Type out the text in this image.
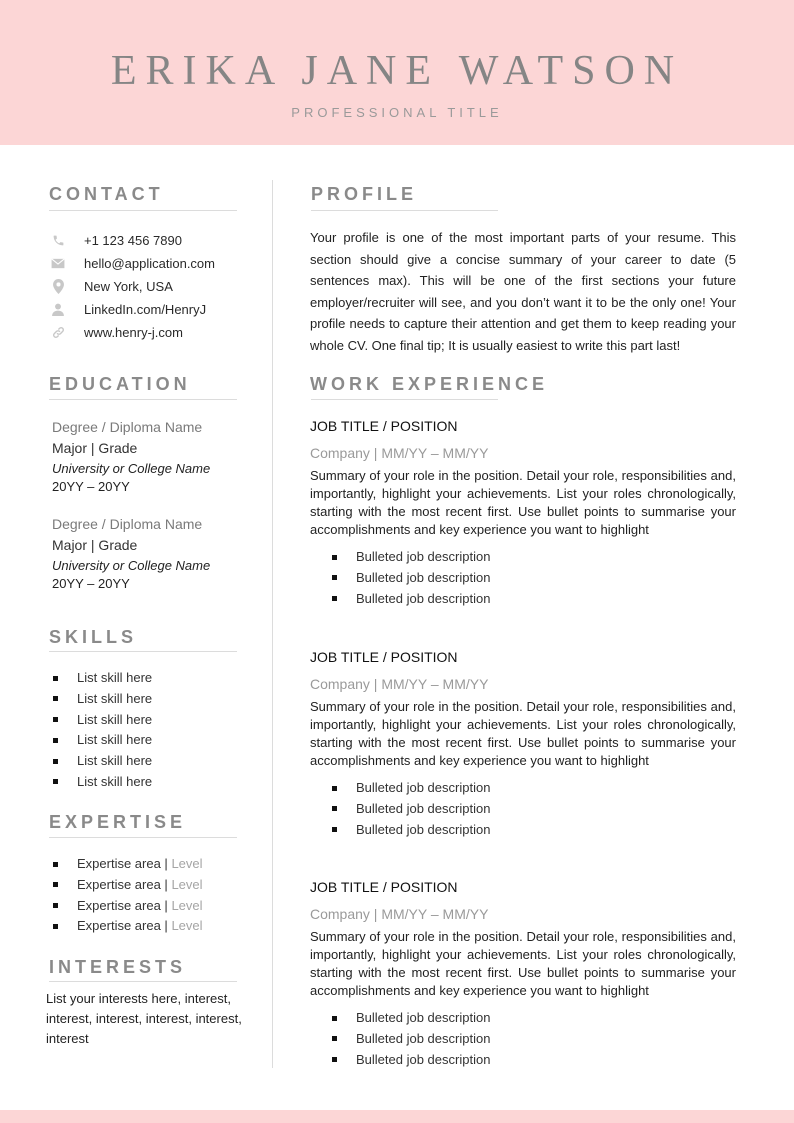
ERIKA JANE WATSON
PROFESSIONAL TITLE
CONTACT
+1 123 456 7890
hello@application.com
New York, USA
LinkedIn.com/HenryJ
www.henry-j.com
EDUCATION
Degree / Diploma Name
Major | Grade
University or College Name
20YY – 20YY
Degree / Diploma Name
Major | Grade
University or College Name
20YY – 20YY
SKILLS
List skill here
List skill here
List skill here
List skill here
List skill here
List skill here
EXPERTISE
Expertise area | Level
Expertise area | Level
Expertise area | Level
Expertise area | Level
INTERESTS
List your interests here, interest, interest, interest, interest, interest, interest
PROFILE

Your profile is one of the most important parts of your resume. This section should give a concise summary of your career to date (5 sentences max). This will be one of the first sections your future employer/recruiter will see, and you don’t want it to be the only one! Your profile needs to capture their attention and get them to keep reading your whole CV. One final tip; It is usually easiest to write this part last!

WORK EXPERIENCE
JOB TITLE / POSITION
Company | MM/YY – MM/YY
Summary of your role in the position. Detail your role, responsibilities and, importantly, highlight your achievements. List your roles chronologically, starting with the most recent first. Use bullet points to summarise your accomplishments and key experience you want to highlight
Bulleted job description
Bulleted job description
Bulleted job description
JOB TITLE / POSITION
Company | MM/YY – MM/YY
Summary of your role in the position. Detail your role, responsibilities and, importantly, highlight your achievements. List your roles chronologically, starting with the most recent first. Use bullet points to summarise your accomplishments and key experience you want to highlight
Bulleted job description
Bulleted job description
Bulleted job description
JOB TITLE / POSITION
Company | MM/YY – MM/YY
Summary of your role in the position. Detail your role, responsibilities and, importantly, highlight your achievements. List your roles chronologically, starting with the most recent first. Use bullet points to summarise your accomplishments and key experience you want to highlight
Bulleted job description
Bulleted job description
Bulleted job description
